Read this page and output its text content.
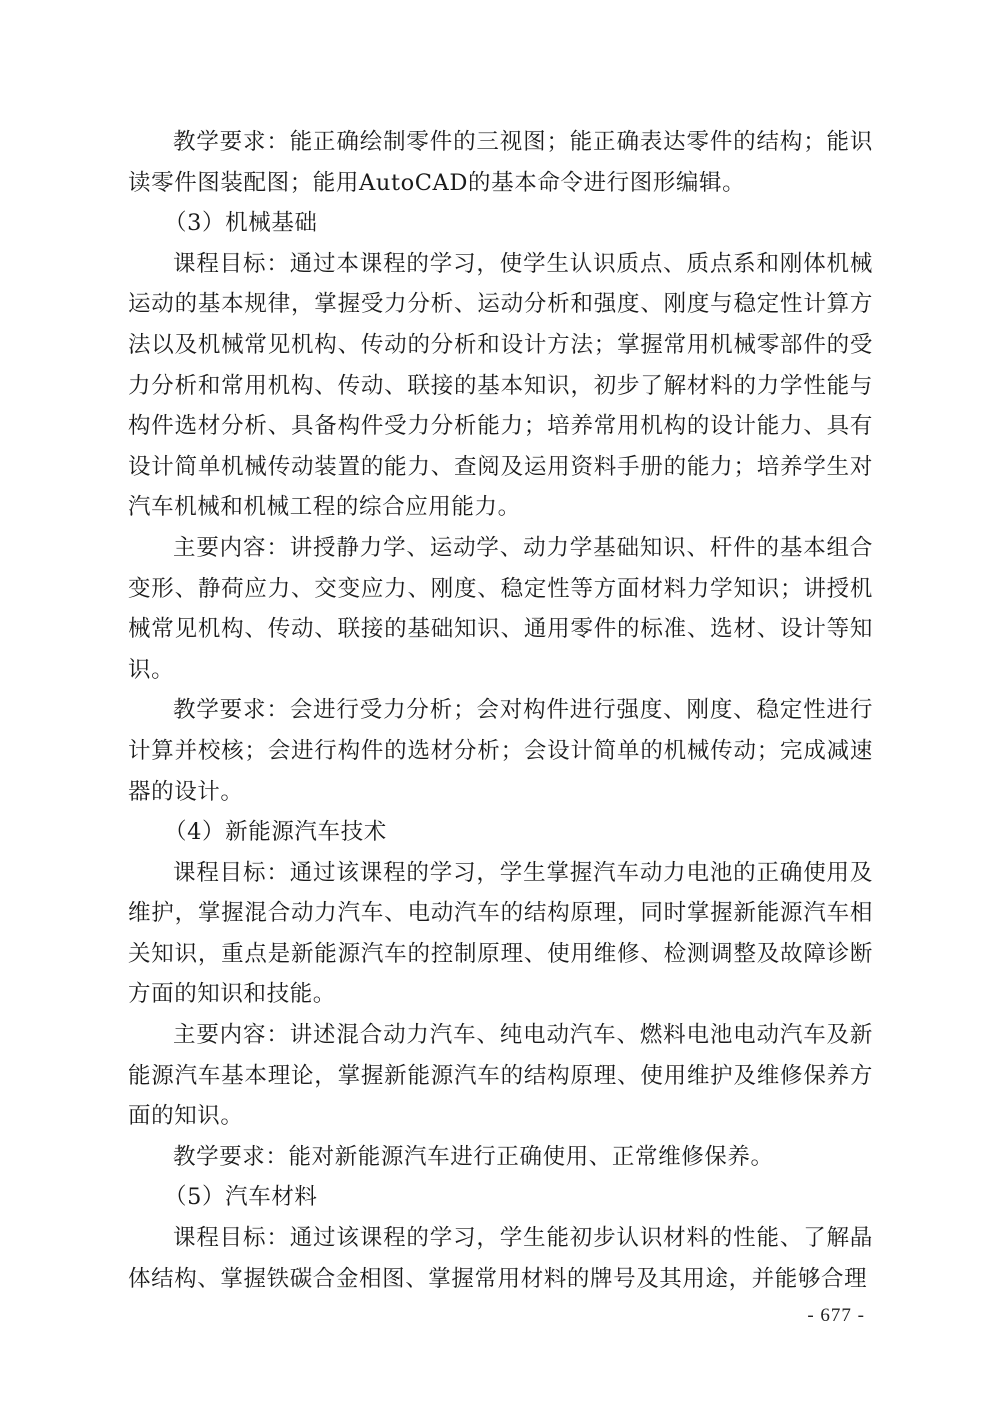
教学要求：能正确绘制零件的三视图；能正确表达零件的结构；能识读零件图装配图；能用AutoCAD的基本命令进行图形编辑。

（3）机械基础

课程目标：通过本课程的学习，使学生认识质点、质点系和刚体机械运动的基本规律，掌握受力分析、运动分析和强度、刚度与稳定性计算方法以及机械常见机构、传动的分析和设计方法；掌握常用机械零部件的受力分析和常用机构、传动、联接的基本知识，初步了解材料的力学性能与构件选材分析、具备构件受力分析能力；培养常用机构的设计能力、具有设计简单机械传动装置的能力、查阅及运用资料手册的能力；培养学生对汽车机械和机械工程的综合应用能力。

主要内容：讲授静力学、运动学、动力学基础知识、杆件的基本组合变形、静荷应力、交变应力、刚度、稳定性等方面材料力学知识；讲授机械常见机构、传动、联接的基础知识、通用零件的标准、选材、设计等知识。

教学要求：会进行受力分析；会对构件进行强度、刚度、稳定性进行计算并校核；会进行构件的选材分析；会设计简单的机械传动；完成减速器的设计。

（4）新能源汽车技术

课程目标：通过该课程的学习，学生掌握汽车动力电池的正确使用及维护，掌握混合动力汽车、电动汽车的结构原理，同时掌握新能源汽车相关知识，重点是新能源汽车的控制原理、使用维修、检测调整及故障诊断方面的知识和技能。

主要内容：讲述混合动力汽车、纯电动汽车、燃料电池电动汽车及新能源汽车基本理论，掌握新能源汽车的结构原理、使用维护及维修保养方面的知识。

教学要求：能对新能源汽车进行正确使用、正常维修保养。

（5）汽车材料

课程目标：通过该课程的学习，学生能初步认识材料的性能、了解晶体结构、掌握铁碳合金相图、掌握常用材料的牌号及其用途，并能够合理

- 677 -
